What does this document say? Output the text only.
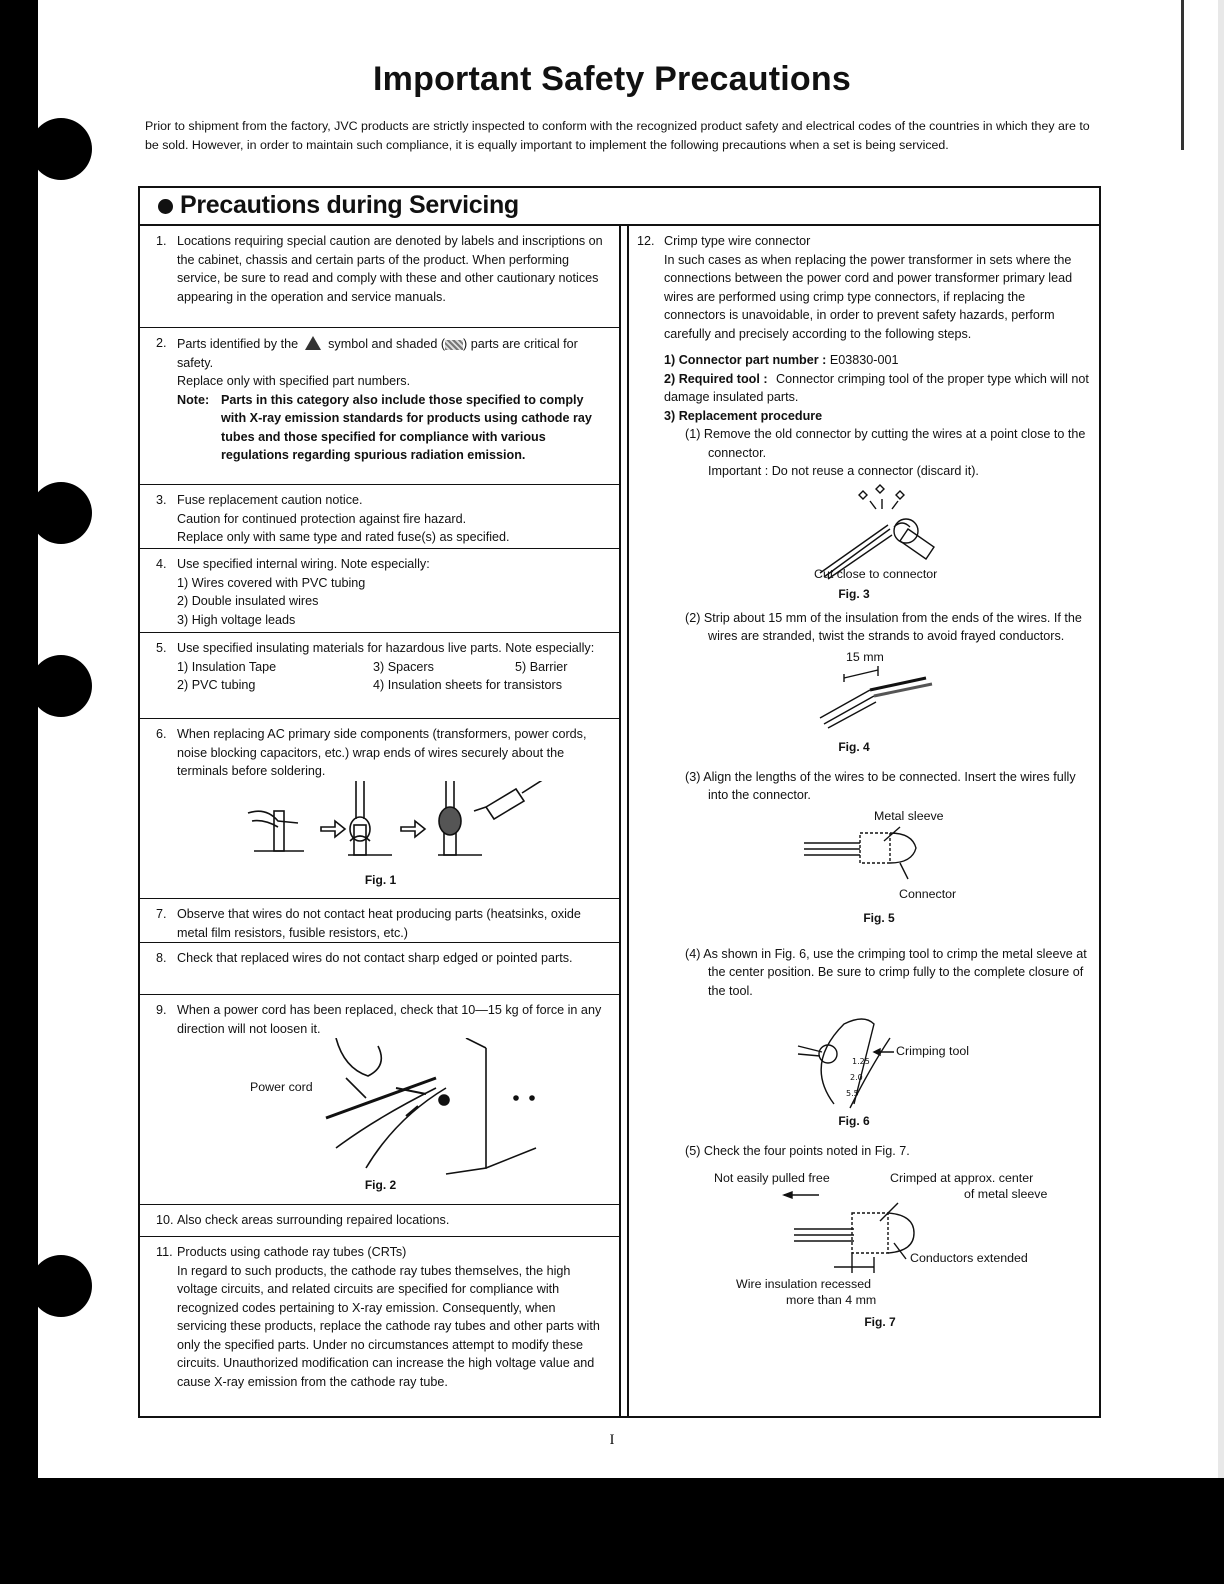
Important Safety Precautions

Prior to shipment from the factory, JVC products are strictly inspected to conform with the recognized product safety and electrical codes of the countries in which they are to be sold. However, in order to maintain such compliance, it is equally important to implement the following precautions when a set is being serviced.

Precautions during Servicing
1. Locations requiring special caution are denoted by labels and inscriptions on the cabinet, chassis and certain parts of the product. When performing service, be sure to read and comply with these and other cautionary notices appearing in the operation and service manuals.
2. Parts identified by the symbol and shaded ( ) parts are critical for safety.
Replace only with specified part numbers.
Note: Parts in this category also include those specified to comply with X-ray emission standards for products using cathode ray tubes and those specified for compliance with various regulations regarding spurious radiation emission.
3. Fuse replacement caution notice.
Caution for continued protection against fire hazard.
Replace only with same type and rated fuse(s) as specified.
4. Use specified internal wiring. Note especially:
1) Wires covered with PVC tubing
2) Double insulated wires
3) High voltage leads
5. Use specified insulating materials for hazardous live parts. Note especially:
1) Insulation Tape	3) Spacers	5) Barrier
2) PVC tubing	4) Insulation sheets for transistors
6. When replacing AC primary side components (transformers, power cords, noise blocking capacitors, etc.) wrap ends of wires securely about the terminals before soldering.
Fig. 1
7. Observe that wires do not contact heat producing parts (heatsinks, oxide metal film resistors, fusible resistors, etc.)
8. Check that replaced wires do not contact sharp edged or pointed parts.
9. When a power cord has been replaced, check that 10—15 kg of force in any direction will not loosen it.
Power cord
Fig. 2
10. Also check areas surrounding repaired locations.
11. Products using cathode ray tubes (CRTs)
In regard to such products, the cathode ray tubes themselves, the high voltage circuits, and related circuits are specified for compliance with recognized codes pertaining to X-ray emission. Consequently, when servicing these products, replace the cathode ray tubes and other parts with only the specified parts. Under no circumstances attempt to modify these circuits. Unauthorized modification can increase the high voltage value and cause X-ray emission from the cathode ray tube.
12. Crimp type wire connector
In such cases as when replacing the power transformer in sets where the connections between the power cord and power transformer primary lead wires are performed using crimp type connectors, if replacing the connectors is unavoidable, in order to prevent safety hazards, perform carefully and precisely according to the following steps.
1) Connector part number : E03830-001
2) Required tool : Connector crimping tool of the proper type which will not damage insulated parts.
3) Replacement procedure
(1) Remove the old connector by cutting the wires at a point close to the connector.
Important : Do not reuse a connector (discard it).
Cut close to connector
Fig. 3
(2) Strip about 15 mm of the insulation from the ends of the wires. If the wires are stranded, twist the strands to avoid frayed conductors.
15 mm
Fig. 4
(3) Align the lengths of the wires to be connected. Insert the wires fully into the connector.
Metal sleeve
Connector
Fig. 5
(4) As shown in Fig. 6, use the crimping tool to crimp the metal sleeve at the center position. Be sure to crimp fully to the complete closure of the tool.
1.25
2.0
5.5
Crimping tool
Fig. 6
(5) Check the four points noted in Fig. 7.
Not easily pulled free	Crimped at approx. center
of metal sleeve
Conductors extended
Wire insulation recessed
more than 4 mm
Fig. 7
I
